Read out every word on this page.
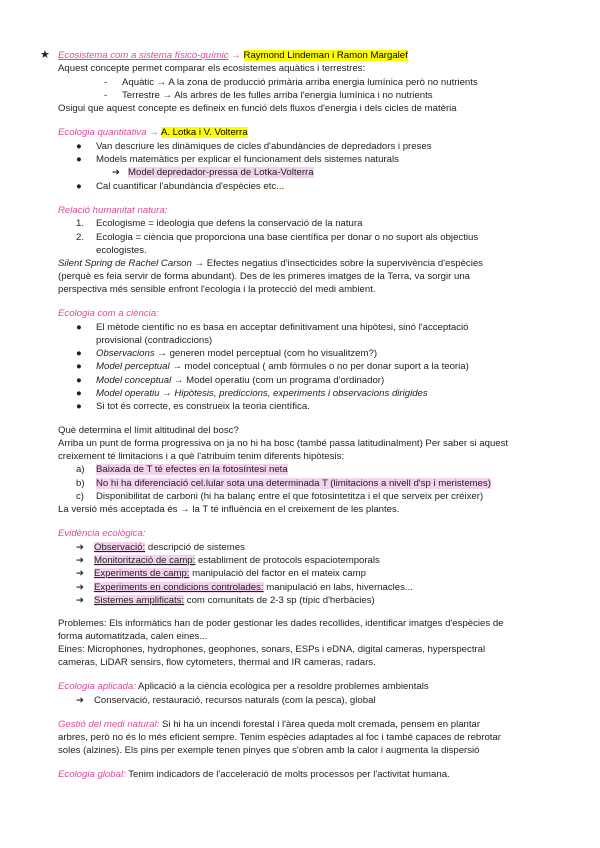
★ Ecosistema com a sistema físico-químic → Raymond Lindeman i Ramon Margalef
Aquest concepte permet comparar els ecosistemes aquàtics i terrestres:
- Aquàtic → A la zona de producció primària arriba energia lumínica però no nutrients
- Terrestre → Als arbres de les fulles arriba l'energia lumínica i no nutrients
Osigui que aquest concepte es defineix en funció dels fluxos d'energia i dels cicles de matèria
Ecologia quantitativa → A. Lotka i V. Volterra
● Van descriure les dinàmiques de cicles d'abundàncies de depredadors i preses
● Models matemàtics per explicar el funcionament dels sistemes naturals
➔ Model depredador-pressa de Lotka-Volterra
● Cal cuantificar l'abundància d'espècies etc...
Relació humanitat natura:
1. Ecologisme = ideologia que defens la conservació de la natura
2. Ecologia = ciència que proporciona una base científica per donar o no suport als objectius
ecologistes.
Silent Spring de Rachel Carson → Efectes negatius d'insecticides sobre la supervivència d'espècies
(perquè es feia servir de forma abundant). Des de les primeres imatges de la Terra, va sorgir una
perspectiva més sensible enfront l'ecologia i la protecció del medi ambient.
Ecologia com a ciència:
● El mètode científic no es basa en acceptar definitivament una hipòtesi, sinó l'acceptació
provisional (contradiccions)
● Observacions → generen model perceptual (com ho visualitzem?)
● Model perceptual → model conceptual ( amb fòrmules o no per donar suport a la teoria)
● Model conceptual → Model operatiu (com un programa d'ordinador)
● Model operatiu → Hipòtesis, prediccions, experiments i observacions dirigides
● Si tot és correcte, es construeix la teoria científica.
Què determina el límit altitudinal del bosc?
Arriba un punt de forma progressiva on ja no hi ha bosc (també passa latitudinalment) Per saber si aquest
creixement té limitacions i a què l'atribuim tenim diferents hipòtesis:
a) Baixada de T té efectes en la fotosíntesi neta
b) No hi ha diferenciació cel.lular sota una determinada T (limitacions a nivell d'sp i meristemes)
c) Disponibilitat de carboni (hi ha balanç entre el que fotosintetitza i el que serveix per créixer)
La versió més acceptada és → la T té influència en el creixement de les plantes.
Evidència ecològica:
➔ Observació: descripció de sistemes
➔ Monitorització de camp: establiment de protocols espaciotemporals
➔ Experiments de camp: manipulació del factor en el mateix camp
➔ Experiments en condicions controlades: manipulació en labs, hivernacles...
➔ Sistemes amplificats: com comunitats de 2-3 sp (típic d'herbàcies)
Problemes: Els informàtics han de poder gestionar les dades recollides, identificar imatges d'espècies de
forma automatitzada, calen eines...
Eines: Microphones, hydrophones, geophones, sonars, ESPs i eDNA, digital cameras, hyperspectral
cameras, LiDAR sensirs, flow cytometers, thermal and IR cameras, radars.
Ecologia aplicada: Aplicació a la ciència ecològica per a resoldre problemes ambientals
➔ Conservació, restauració, recursos naturals (com la pesca), global
Gestió del medi natural: Si hi ha un incendi forestal i l'àrea queda molt cremada, pensem en plantar
arbres, però no és lo més eficient sempre. Tenim espècies adaptades al foc i també capaces de rebrotar
soles (alzines). Els pins per exemple tenen pinyes que s'obren amb la calor i augmenta la dispersió
Ecologia global: Tenim indicadors de l'acceleració de molts processos per l'activitat humana.
